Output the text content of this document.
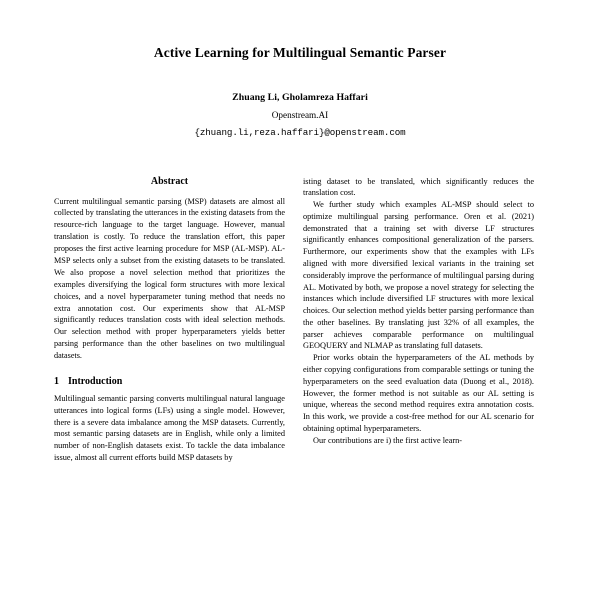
Active Learning for Multilingual Semantic Parser
Zhuang Li, Gholamreza Haffari
Openstream.AI
{zhuang.li,reza.haffari}@openstream.com
Abstract

Current multilingual semantic parsing (MSP) datasets are almost all collected by translating the utterances in the existing datasets from the resource-rich language to the target language. However, manual translation is costly. To reduce the translation effort, this paper proposes the first active learning procedure for MSP (AL-MSP). AL-MSP selects only a subset from the existing datasets to be translated. We also propose a novel selection method that prioritizes the examples diversifying the logical form structures with more lexical choices, and a novel hyperparameter tuning method that needs no extra annotation cost. Our experiments show that AL-MSP significantly reduces translation costs with ideal selection methods. Our selection method with proper hyperparameters yields better parsing performance than the other baselines on two multilingual datasets.

1 Introduction

Multilingual semantic parsing converts multilingual natural language utterances into logical forms (LFs) using a single model. However, there is a severe data imbalance among the MSP datasets. Currently, most semantic parsing datasets are in English, while only a limited number of non-English datasets exist. To tackle the data imbalance issue, almost all current efforts build MSP datasets by

isting dataset to be translated, which significantly reduces the translation cost.

We further study which examples AL-MSP should select to optimize multilingual parsing performance. Oren et al. (2021) demonstrated that a training set with diverse LF structures significantly enhances compositional generalization of the parsers. Furthermore, our experiments show that the examples with LFs aligned with more diversified lexical variants in the training set considerably improve the performance of multilingual parsing during AL. Motivated by both, we propose a novel strategy for selecting the instances which include diversified LF structures with more lexical choices. Our selection method yields better parsing performance than the other baselines. By translating just 32% of all examples, the parser achieves comparable performance on multilingual GEOQUERY and NLMAP as translating full datasets.

Prior works obtain the hyperparameters of the AL methods by either copying configurations from comparable settings or tuning the hyperparameters on the seed evaluation data (Duong et al., 2018). However, the former method is not suitable as our AL setting is unique, whereas the second method requires extra annotation costs. In this work, we provide a cost-free method for our AL scenario for obtaining optimal hyperparameters.

Our contributions are i) the first active learn-
